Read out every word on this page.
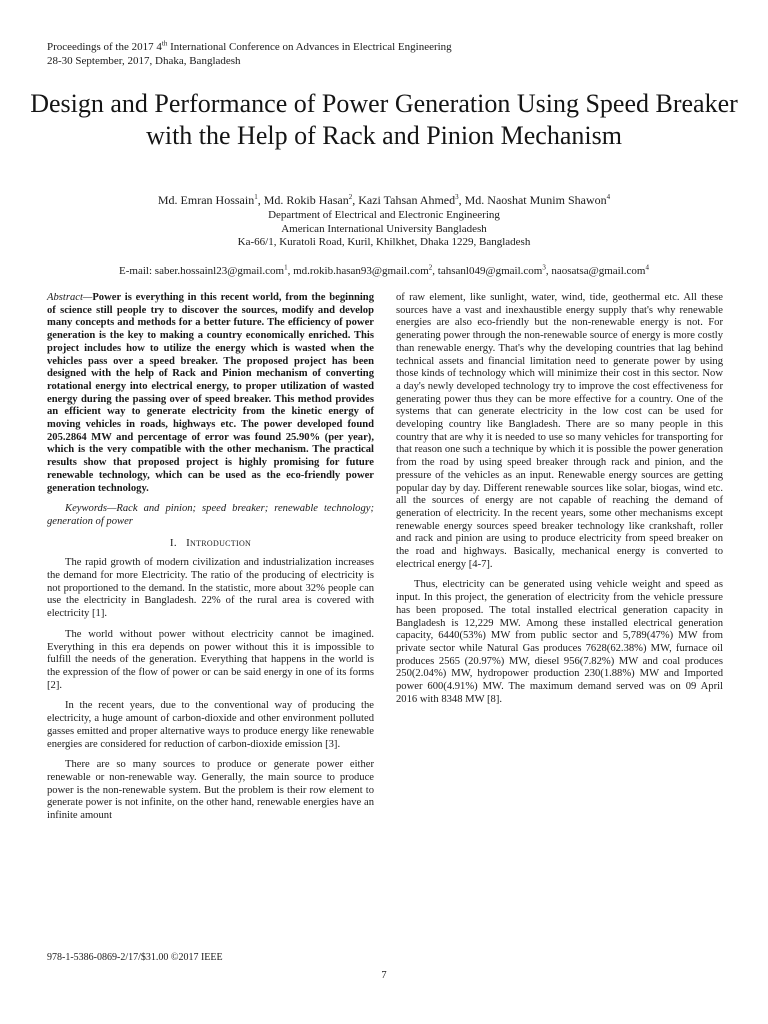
Proceedings of the 2017 4th International Conference on Advances in Electrical Engineering
28-30 September, 2017, Dhaka, Bangladesh
Design and Performance of Power Generation Using Speed Breaker with the Help of Rack and Pinion Mechanism
Md. Emran Hossain$^1$, Md. Rokib Hasan$^2$, Kazi Tahsan Ahmed$^3$, Md. Naoshat Munim Shawon$^4$
Department of Electrical and Electronic Engineering
American International University Bangladesh
Ka-66/1, Kuratoli Road, Kuril, Khilkhet, Dhaka 1229, Bangladesh
E-mail: saber.hossainl23@gmail.com$^1$, md.rokib.hasan93@gmail.com$^2$, tahsanl049@gmail.com$^3$, naosatsa@gmail.com$^4$

Abstract—Power is everything in this recent world, from the beginning of science still people try to discover the sources, modify and develop many concepts and methods for a better future. The efficiency of power generation is the key to making a country economically enriched. This project includes how to utilize the energy which is wasted when the vehicles pass over a speed breaker. The proposed project has been designed with the help of Rack and Pinion mechanism of converting rotational energy into electrical energy, to proper utilization of wasted energy during the passing over of speed breaker. This method provides an efficient way to generate electricity from the kinetic energy of moving vehicles in roads, highways etc. The power developed found 205.2864 MW and percentage of error was found 25.90% (per year), which is the very compatible with the other mechanism. The practical results show that proposed project is highly promising for future renewable technology, which can be used as the eco-friendly power generation technology.

Keywords—Rack and pinion; speed breaker; renewable technology; generation of power

I. Introduction

The rapid growth of modern civilization and industrialization increases the demand for more Electricity. The ratio of the producing of electricity is not proportioned to the demand. In the statistic, more about 32% people can use the electricity in Bangladesh. 22% of the rural area is covered with electricity [1].

The world without power without electricity cannot be imagined. Everything in this era depends on power without this it is impossible to fulfill the needs of the generation. Everything that happens in the world is the expression of the flow of power or can be said energy in one of its forms [2].

In the recent years, due to the conventional way of producing the electricity, a huge amount of carbon-dioxide and other environment polluted gasses emitted and proper alternative ways to produce energy like renewable energies are considered for reduction of carbon-dioxide emission [3].

There are so many sources to produce or generate power either renewable or non-renewable way. Generally, the main source to produce power is the non-renewable system. But the problem is their row element to generate power is not infinite, on the other hand, renewable energies have an infinite amount

of raw element, like sunlight, water, wind, tide, geothermal etc. All these sources have a vast and inexhaustible energy supply that's why renewable energies are also eco-friendly but the non-renewable energy is not. For generating power through the non-renewable source of energy is more costly than renewable energy. That's why the developing countries that lag behind technical assets and financial limitation need to generate power by using those kinds of technology which will minimize their cost in this sector. Now a day's newly developed technology try to improve the cost effectiveness for generating power thus they can be more effective for a country. One of the systems that can generate electricity in the low cost can be used for developing country like Bangladesh. There are so many people in this country that are why it is needed to use so many vehicles for transporting for that reason one such a technique by which it is possible the power generation from the road by using speed breaker through rack and pinion, and the pressure of the vehicles as an input. Renewable energy sources are getting popular day by day. Different renewable sources like solar, biogas, wind etc. all the sources of energy are not capable of reaching the demand of generation of electricity. In the recent years, some other mechanisms except renewable energy sources speed breaker technology like crankshaft, roller and rack and pinion are using to produce electricity from speed breaker on the road and highways. Basically, mechanical energy is converted to electrical energy [4-7].

Thus, electricity can be generated using vehicle weight and speed as input. In this project, the generation of electricity from the vehicle pressure has been proposed. The total installed electrical generation capacity in Bangladesh is 12,229 MW. Among these installed electrical generation capacity, 6440(53%) MW from public sector and 5,789(47%) MW from private sector while Natural Gas produces 7628(62.38%) MW, furnace oil produces 2565 (20.97%) MW, diesel 956(7.82%) MW and coal produces 250(2.04%) MW, hydropower production 230(1.88%) MW and Imported power 600(4.91%) MW. The maximum demand served was on 09 April 2016 with 8348 MW [8].

978-1-5386-0869-2/17/$31.00 ©2017 IEEE
7
